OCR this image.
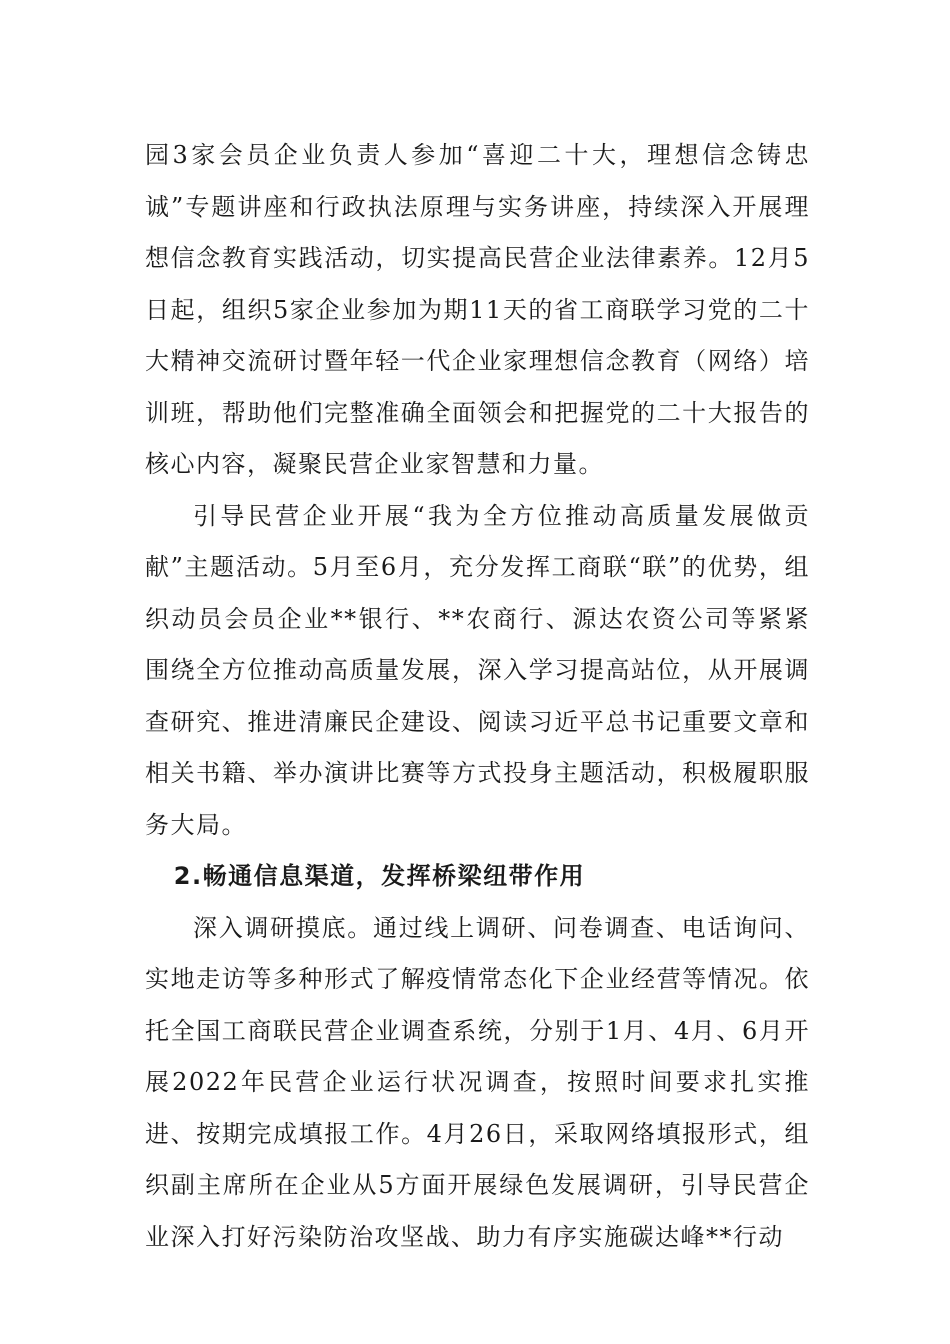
园3家会员企业负责人参加“喜迎二十大，理想信念铸忠诚”专题讲座和行政执法原理与实务讲座，持续深入开展理想信念教育实践活动，切实提高民营企业法律素养。12月5日起，组织5家企业参加为期11天的省工商联学习党的二十大精神交流研讨暨年轻一代企业家理想信念教育（网络）培训班，帮助他们完整准确全面领会和把握党的二十大报告的核心内容，凝聚民营企业家智慧和力量。

引导民营企业开展“我为全方位推动高质量发展做贡献”主题活动。5月至6月，充分发挥工商联“联”的优势，组织动员会员企业**银行、**农商行、源达农资公司等紧紧围绕全方位推动高质量发展，深入学习提高站位，从开展调查研究、推进清廉民企建设、阅读习近平总书记重要文章和相关书籍、举办演讲比赛等方式投身主题活动，积极履职服务大局。

2.畅通信息渠道，发挥桥梁纽带作用

深入调研摸底。通过线上调研、问卷调查、电话询问、实地走访等多种形式了解疫情常态化下企业经营等情况。依托全国工商联民营企业调查系统，分别于1月、4月、6月开展2022年民营企业运行状况调查，按照时间要求扎实推进、按期完成填报工作。4月26日，采取网络填报形式，组织副主席所在企业从5方面开展绿色发展调研，引导民营企业深入打好污染防治攻坚战、助力有序实施碳达峰**行动
